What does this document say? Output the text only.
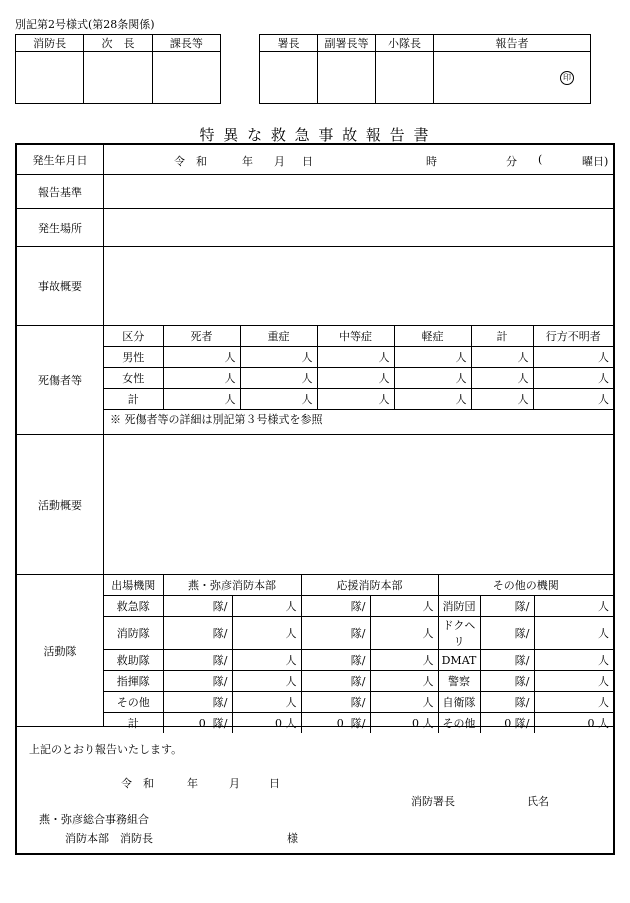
別記第2号様式(第28条関係)
消防長	次　長	課長等
			署長	副署長等	小隊長	報告者
			印
特 異 な 救 急 事 故 報 告 書
発生年月日	令　和	年 月 日	時	分 (	曜日)
報告基準
発生場所
事故概要
死傷者等
区分	死者	重症	中等症	軽症	計	行方不明者
男性	人	人	人	人	人	人
女性	人	人	人	人	人	人
計	人	人	人	人	人	人
※ 死傷者等の詳細は別記第３号様式を参照
活動概要
活動隊
出場機関	燕・弥彦消防本部		応援消防本部		その他の機関		
救急隊	隊/	人	隊/	人	消防団	隊/	人
消防隊	隊/	人	隊/	人	ドクヘリ	隊/	人
救助隊	隊/	人	隊/	人	DMAT	隊/	人
指揮隊	隊/	人	隊/	人	警察	隊/	人
その他	隊/	人	隊/	人	自衛隊	隊/	人
計	0 隊/	0 人	0 隊/	0 人	その他	0 隊/	0 人
上記のとおり報告いたします。
令　和	年	月	日
消防署長	氏名
燕・弥彦総合事務組合
消防本部　消防長	様
